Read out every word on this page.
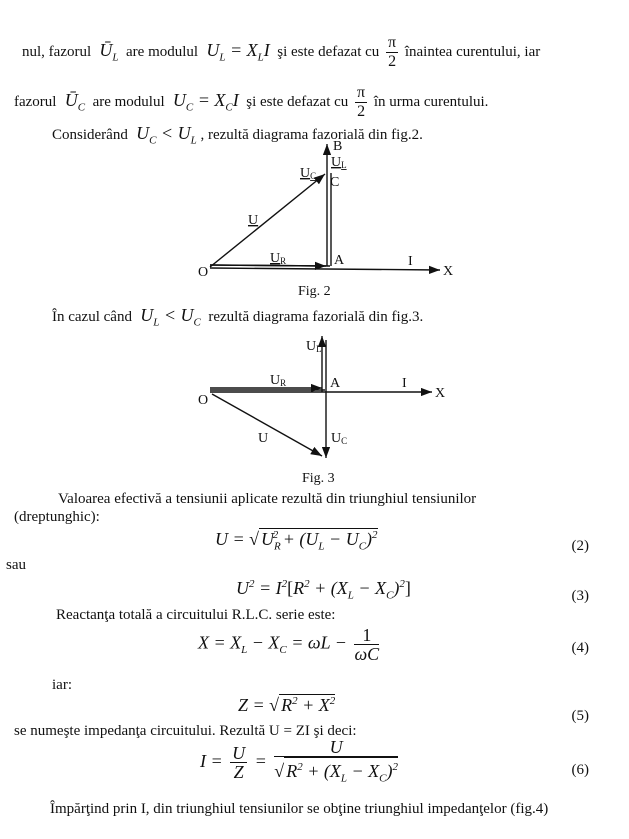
nul, fazorul  $Ū_L$ are modulul  $U_L = X_LI$ şi este defazat cu $\frac{\pi}{2}$ înaintea curentului, iar
fazorul  $Ū_C$ are modulul  $U_C = X_CI$ şi este defazat cu $\frac{\pi}{2}$ în urma curentului.
Considerând  $U_C < U_L$ , rezultă diagrama fazorială din fig.2.
O
A
B
C
X
I
U
UR
UL
UC
Fig. 2
În cazul când  $U_L < U_C$ rezultă diagrama fazorială din fig.3.
O
A
X
I
U
UR
UL
UC
Fig. 3
Valoarea efectivă a tensiunii aplicate rezultă din triunghiul tensiunilor
(dreptunghic):
U = √ $U_R^2 + (U_L - U_C)^2$
(2)
sau
$U^2 = I^2[R^2 + (X_L - X_C)^2]$	(3)
Reactanţa totală a circuitului R.L.C. serie este:
$X = X_L - X_C = \omega L - \frac{1}{\omega C}$	(4)
iar:
Z = √ $R^2 + X^2$
(5)
se numeşte impedanţa circuitului. Rezultă U = ZI şi deci:
$I = \frac{U}{Z} = \frac{U}{√ R^2 + (X_L - X_C)^2}$	(6)
Împărţind prin I, din triunghiul tensiunilor se obţine triunghiul impedanţelor (fig.4)
